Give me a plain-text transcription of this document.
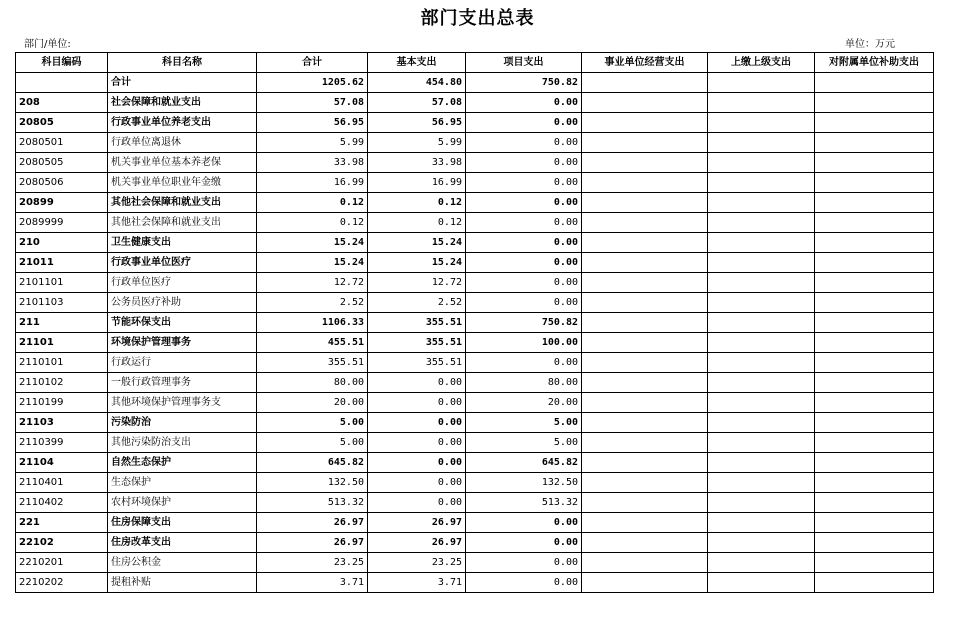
部门支出总表
部门/单位:	单位：万元
科目编码	科目名称	合计	基本支出	项目支出	事业单位经营支出	上缴上级支出	对附属单位补助支出
	合计	1205.62	454.80	750.82			
208	社会保障和就业支出	57.08	57.08	0.00			
20805	行政事业单位养老支出	56.95	56.95	0.00			
2080501	行政单位离退休	5.99	5.99	0.00			
2080505	机关事业单位基本养老保	33.98	33.98	0.00			
2080506	机关事业单位职业年金缴	16.99	16.99	0.00			
20899	其他社会保障和就业支出	0.12	0.12	0.00			
2089999	其他社会保障和就业支出	0.12	0.12	0.00			
210	卫生健康支出	15.24	15.24	0.00			
21011	行政事业单位医疗	15.24	15.24	0.00			
2101101	行政单位医疗	12.72	12.72	0.00			
2101103	公务员医疗补助	2.52	2.52	0.00			
211	节能环保支出	1106.33	355.51	750.82			
21101	环境保护管理事务	455.51	355.51	100.00			
2110101	行政运行	355.51	355.51	0.00			
2110102	一般行政管理事务	80.00	0.00	80.00			
2110199	其他环境保护管理事务支	20.00	0.00	20.00			
21103	污染防治	5.00	0.00	5.00			
2110399	其他污染防治支出	5.00	0.00	5.00			
21104	自然生态保护	645.82	0.00	645.82			
2110401	生态保护	132.50	0.00	132.50			
2110402	农村环境保护	513.32	0.00	513.32			
221	住房保障支出	26.97	26.97	0.00			
22102	住房改革支出	26.97	26.97	0.00			
2210201	住房公积金	23.25	23.25	0.00			
2210202	提租补贴	3.71	3.71	0.00			
